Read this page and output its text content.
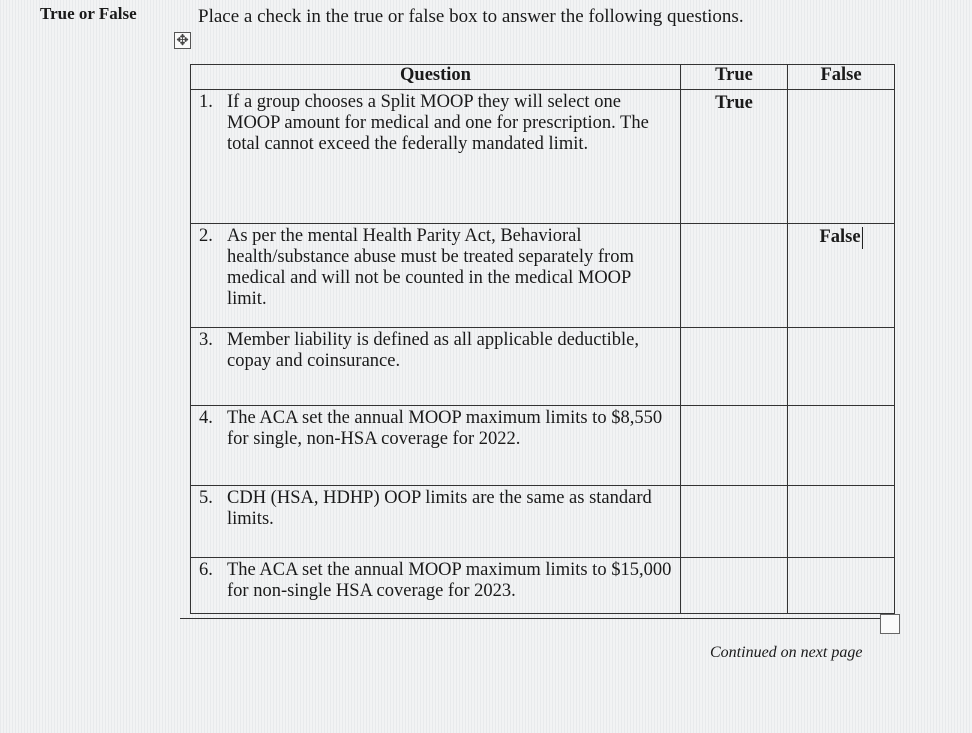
True or False	Place a check in the true or false box to answer the following questions.
✥
Question	True	False

1. If a group chooses a Split MOOP they will select one MOOP amount for medical and one for prescription. The total cannot exceed the federally mandated limit.	True	

2. As per the mental Health Parity Act, Behavioral health/substance abuse must be treated separately from medical and will not be counted in the medical MOOP limit.		False

3. Member liability is defined as all applicable deductible, copay and coinsurance.		

4. The ACA set the annual MOOP maximum limits to $8,550 for single, non-HSA coverage for 2022.		

5. CDH (HSA, HDHP) OOP limits are the same as standard limits.		

6. The ACA set the annual MOOP maximum limits to $15,000 for non-single HSA coverage for 2023.		

Continued on next page
